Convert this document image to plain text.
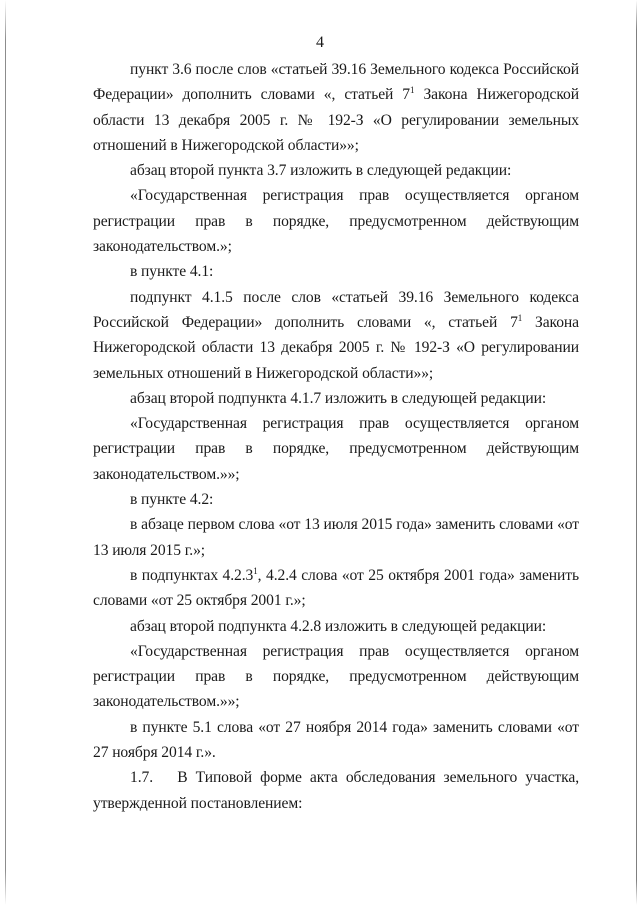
4

пункт 3.6 после слов «статьей 39.16 Земельного кодекса Российской Федерации» дополнить словами «, статьей $7^1$ Закона Нижегородской области 13 декабря 2005 г. № 192-З «О регулировании земельных отношений в Нижегородской области»»;

абзац второй пункта 3.7 изложить в следующей редакции:

«Государственная регистрация прав осуществляется органом регистрации прав в порядке, предусмотренном действующим законодательством.»;

в пункте 4.1:

подпункт 4.1.5 после слов «статьей 39.16 Земельного кодекса Российской Федерации» дополнить словами «, статьей $7^1$ Закона Нижегородской области 13 декабря 2005 г. № 192-З «О регулировании земельных отношений в Нижегородской области»»;

абзац второй подпункта 4.1.7 изложить в следующей редакции:

«Государственная регистрация прав осуществляется органом регистрации прав в порядке, предусмотренном действующим законодательством.»»;

в пункте 4.2:

в абзаце первом слова «от 13 июля 2015 года» заменить словами «от 13 июля 2015 г.»;

в подпунктах 4.2.3$^1$, 4.2.4 слова «от 25 октября 2001 года» заменить словами «от 25 октября 2001 г.»;

абзац второй подпункта 4.2.8 изложить в следующей редакции:

«Государственная регистрация прав осуществляется органом регистрации прав в порядке, предусмотренном действующим законодательством.»»;

в пункте 5.1 слова «от 27 ноября 2014 года» заменить словами «от 27 ноября 2014 г.».

1.7.   В Типовой форме акта обследования земельного участка, утвержденной постановлением:
